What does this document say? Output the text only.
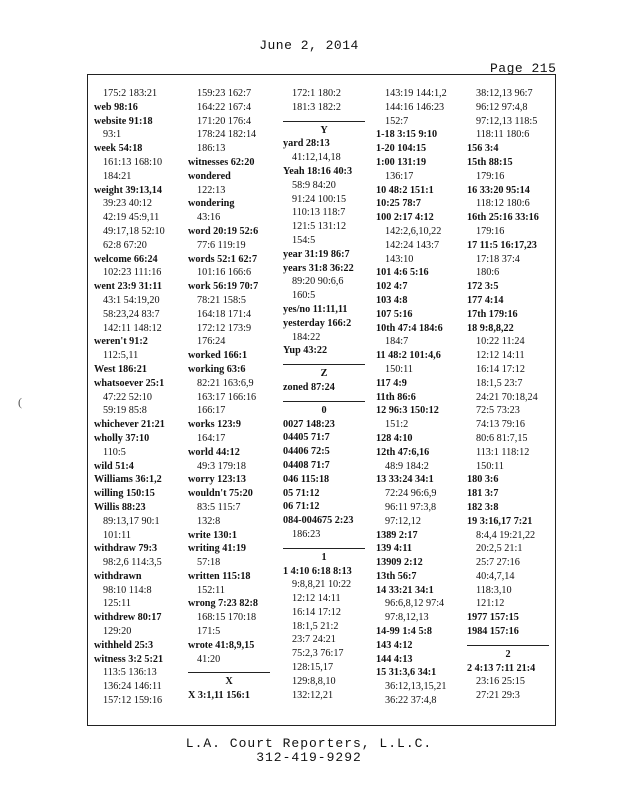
June 2, 2014
Page 215
(
175:2 183:21
web 98:16
website 91:18
93:1
week 54:18
161:13 168:10
184:21
weight 39:13,14
39:23 40:12
42:19 45:9,11
49:17,18 52:10
62:8 67:20
welcome 66:24
102:23 111:16
went 23:9 31:11
43:1 54:19,20
58:23,24 83:7
142:11 148:12
weren't 91:2
112:5,11
West 186:21
whatsoever 25:1
47:22 52:10
59:19 85:8
whichever 21:21
wholly 37:10
110:5
wild 51:4
Williams 36:1,2
willing 150:15
Willis 88:23
89:13,17 90:1
101:11
withdraw 79:3
98:2,6 114:3,5
withdrawn
98:10 114:8
125:11
withdrew 80:17
129:20
withheld 25:3
witness 3:2 5:21
113:5 136:13
136:24 146:11
157:12 159:16
159:23 162:7
164:22 167:4
171:20 176:4
178:24 182:14
186:13
witnesses 62:20
wondered
122:13
wondering
43:16
word 20:19 52:6
77:6 119:19
words 52:1 62:7
101:16 166:6
work 56:19 70:7
78:21 158:5
164:18 171:4
172:12 173:9
176:24
worked 166:1
working 63:6
82:21 163:6,9
163:17 166:16
166:17
works 123:9
164:17
world 44:12
49:3 179:18
worry 123:13
wouldn't 75:20
83:5 115:7
132:8
write 130:1
writing 41:19
57:18
written 115:18
152:11
wrong 7:23 82:8
168:15 170:18
171:5
wrote 41:8,9,15
41:20
X
X 3:1,11 156:1
172:1 180:2
181:3 182:2
Y
yard 28:13
41:12,14,18
Yeah 18:16 40:3
58:9 84:20
91:24 100:15
110:13 118:7
121:5 131:12
154:5
year 31:19 86:7
years 31:8 36:22
89:20 90:6,6
160:5
yes/no 11:11,11
yesterday 166:2
184:22
Yup 43:22
Z
zoned 87:24
0
0027 148:23
04405 71:7
04406 72:5
04408 71:7
046 115:18
05 71:12
06 71:12
084-004675 2:23
186:23
1
1 4:10 6:18 8:13
9:8,8,21 10:22
12:12 14:11
16:14 17:12
18:1,5 21:2
23:7 24:21
75:2,3 76:17
128:15,17
129:8,8,10
132:12,21
143:19 144:1,2
144:16 146:23
152:7
1-18 3:15 9:10
1-20 104:15
1:00 131:19
136:17
10 48:2 151:1
10:25 78:7
100 2:17 4:12
142:2,6,10,22
142:24 143:7
143:10
101 4:6 5:16
102 4:7
103 4:8
107 5:16
10th 47:4 184:6
184:7
11 48:2 101:4,6
150:11
117 4:9
11th 86:6
12 96:3 150:12
151:2
128 4:10
12th 47:6,16
48:9 184:2
13 33:24 34:1
72:24 96:6,9
96:11 97:3,8
97:12,12
1389 2:17
139 4:11
13909 2:12
13th 56:7
14 33:21 34:1
96:6,8,12 97:4
97:8,12,13
14-99 1:4 5:8
143 4:12
144 4:13
15 31:3,6 34:1
36:12,13,15,21
36:22 37:4,8
38:12,13 96:7
96:12 97:4,8
97:12,13 118:5
118:11 180:6
156 3:4
15th 88:15
179:16
16 33:20 95:14
118:12 180:6
16th 25:16 33:16
179:16
17 11:5 16:17,23
17:18 37:4
180:6
172 3:5
177 4:14
17th 179:16
18 9:8,8,22
10:22 11:24
12:12 14:11
16:14 17:12
18:1,5 23:7
24:21 70:18,24
72:5 73:23
74:13 79:16
80:6 81:7,15
113:1 118:12
150:11
180 3:6
181 3:7
182 3:8
19 3:16,17 7:21
8:4,4 19:21,22
20:2,5 21:1
25:7 27:16
40:4,7,14
118:3,10
121:12
1977 157:15
1984 157:16
2
2 4:13 7:11 21:4
23:16 25:15
27:21 29:3
L.A. Court Reporters, L.L.C.
312-419-9292
